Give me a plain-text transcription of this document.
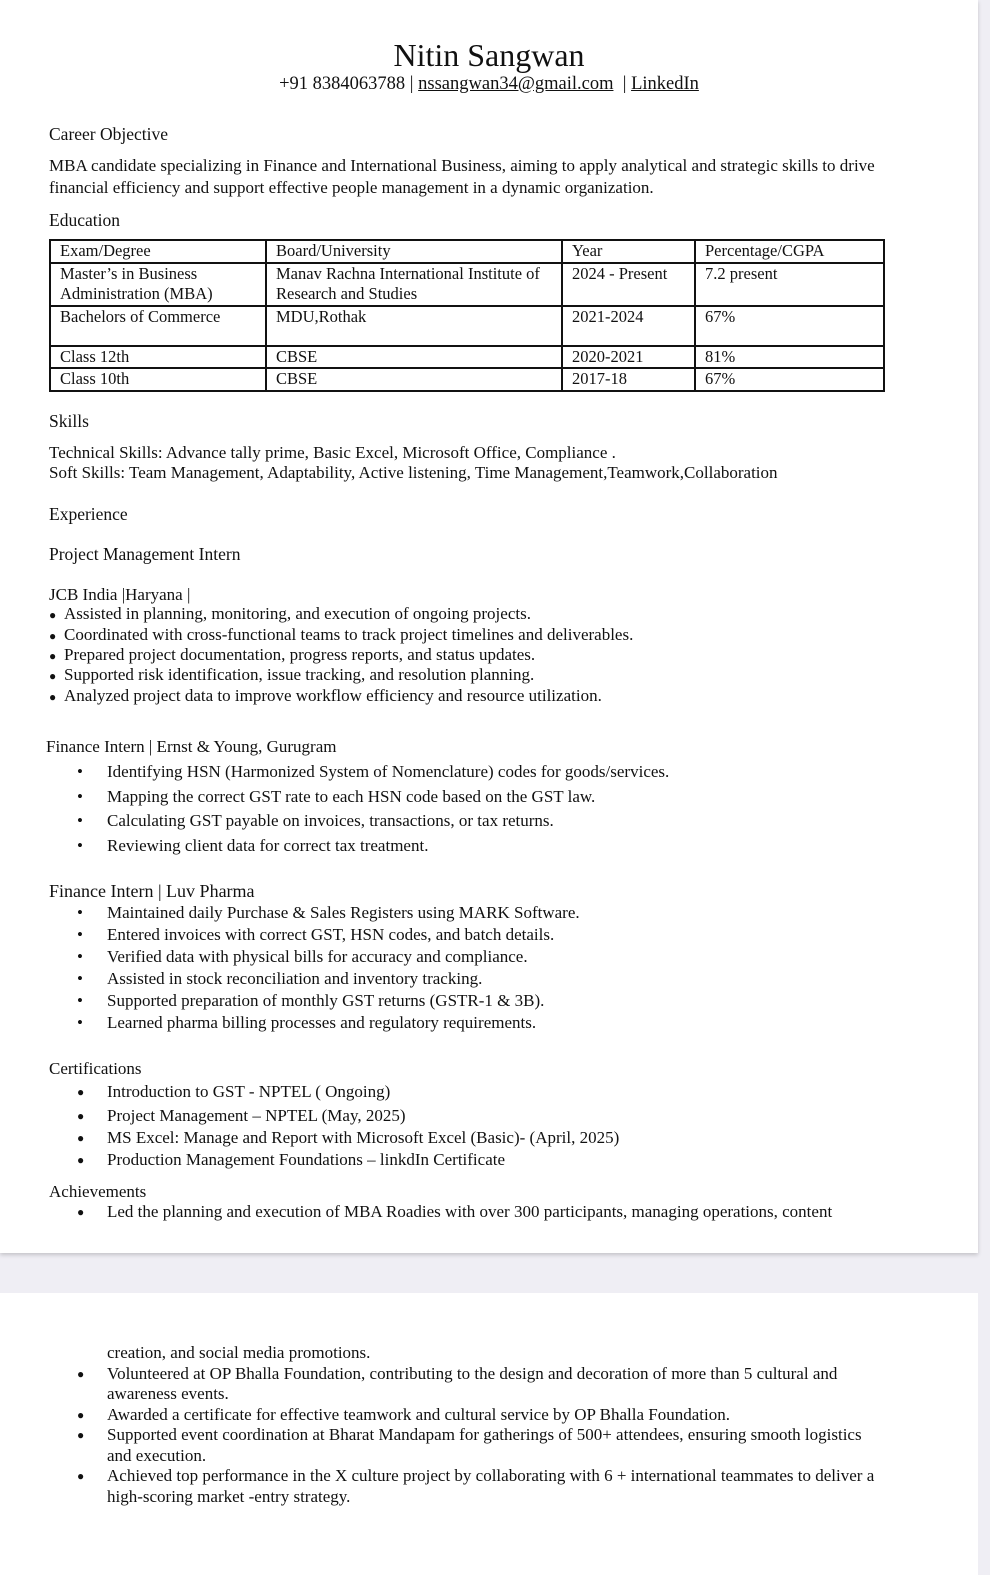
Nitin Sangwan
+91 8384063788 | nssangwan34@gmail.com  | LinkedIn
Career Objective
MBA candidate specializing in Finance and International Business, aiming to apply analytical and strategic skills to drive financial efficiency and support effective people management in a dynamic organization.
Education
Exam/Degree	Board/University	Year	Percentage/CGPA
Master’s in Business Administration (MBA)	Manav Rachna International Institute of Research and Studies	2024 - Present	7.2 present
Bachelors of Commerce	MDU,Rothak	2021-2024	67%
Class 12th	CBSE	2020-2021	81%
Class 10th	CBSE	2017-18	67%
Skills
Technical Skills: Advance tally prime, Basic Excel, Microsoft Office, Compliance .
Soft Skills: Team Management, Adaptability, Active listening, Time Management,Teamwork,Collaboration
Experience
Project Management Intern
JCB India |Haryana |
● Assisted in planning, monitoring, and execution of ongoing projects.
● Coordinated with cross-functional teams to track project timelines and deliverables.
● Prepared project documentation, progress reports, and status updates.
● Supported risk identification, issue tracking, and resolution planning.
● Analyzed project data to improve workflow efficiency and resource utilization.
Finance Intern | Ernst & Young, Gurugram
• Identifying HSN (Harmonized System of Nomenclature) codes for goods/services.
• Mapping the correct GST rate to each HSN code based on the GST law.
• Calculating GST payable on invoices, transactions, or tax returns.
• Reviewing client data for correct tax treatment.
Finance Intern | Luv Pharma
• Maintained daily Purchase & Sales Registers using MARK Software.
• Entered invoices with correct GST, HSN codes, and batch details.
• Verified data with physical bills for accuracy and compliance.
• Assisted in stock reconciliation and inventory tracking.
• Supported preparation of monthly GST returns (GSTR-1 & 3B).
• Learned pharma billing processes and regulatory requirements.
Certifications
● Introduction to GST - NPTEL ( Ongoing)
● Project Management – NPTEL (May, 2025)
● MS Excel: Manage and Report with Microsoft Excel (Basic)- (April, 2025)
● Production Management Foundations – linkdIn Certificate
Achievements
● Led the planning and execution of MBA Roadies with over 300 participants, managing operations, content
creation, and social media promotions.
● Volunteered at OP Bhalla Foundation, contributing to the design and decoration of more than 5 cultural and
awareness events.
● Awarded a certificate for effective teamwork and cultural service by OP Bhalla Foundation.
● Supported event coordination at Bharat Mandapam for gatherings of 500+ attendees, ensuring smooth logistics
and execution.
● Achieved top performance in the X culture project by collaborating with 6 + international teammates to deliver a
high-scoring market -entry strategy.
